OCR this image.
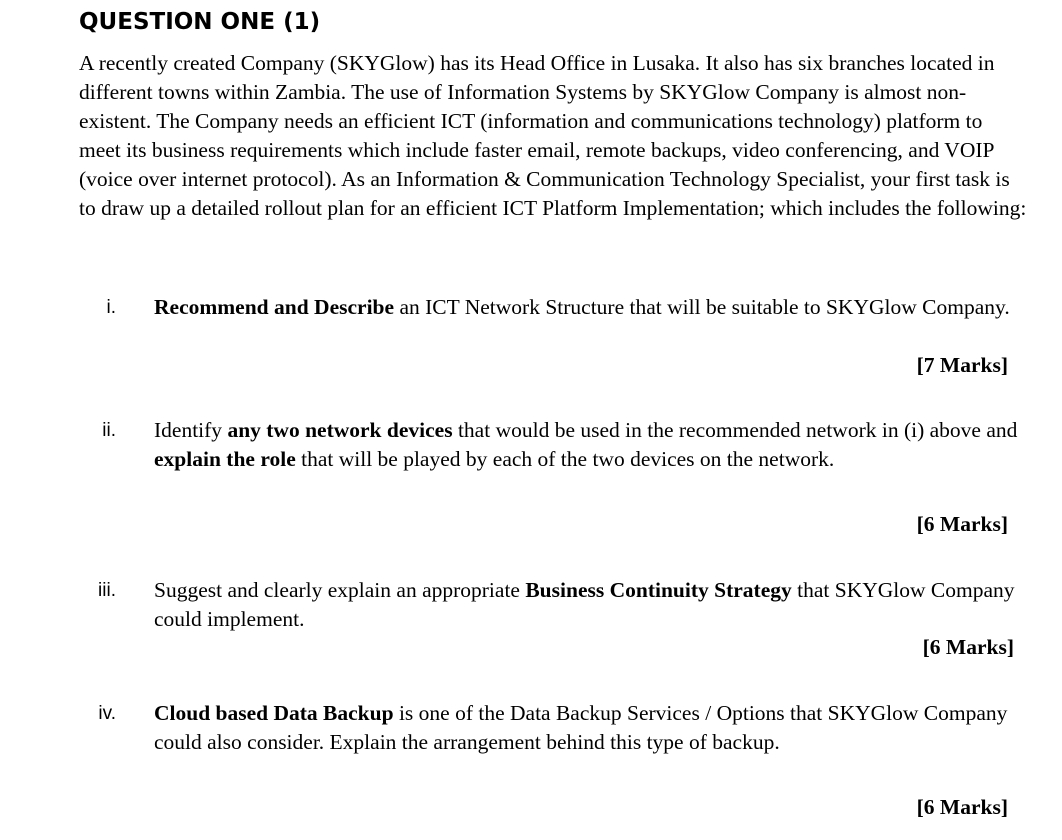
QUESTION ONE (1)

A recently created Company (SKYGlow) has its Head Office in Lusaka. It also has six branches located in different towns within Zambia. The use of Information Systems by SKYGlow Company is almost non-existent. The Company needs an efficient ICT (information and communications technology) platform to meet its business requirements which include faster email, remote backups, video conferencing, and VOIP (voice over internet protocol). As an Information & Communication Technology Specialist, your first task is to draw up a detailed rollout plan for an efficient ICT Platform Implementation; which includes the following:

i. Recommend and Describe an ICT Network Structure that will be suitable to SKYGlow Company.

[7 Marks]
ii. Identify any two network devices that would be used in the recommended network in (i) above and explain the role that will be played by each of the two devices on the network.

[6 Marks]
iii. Suggest and clearly explain an appropriate Business Continuity Strategy that SKYGlow Company could implement.

[6 Marks]
iv. Cloud based Data Backup is one of the Data Backup Services / Options that SKYGlow Company could also consider. Explain the arrangement behind this type of backup.

[6 Marks]
